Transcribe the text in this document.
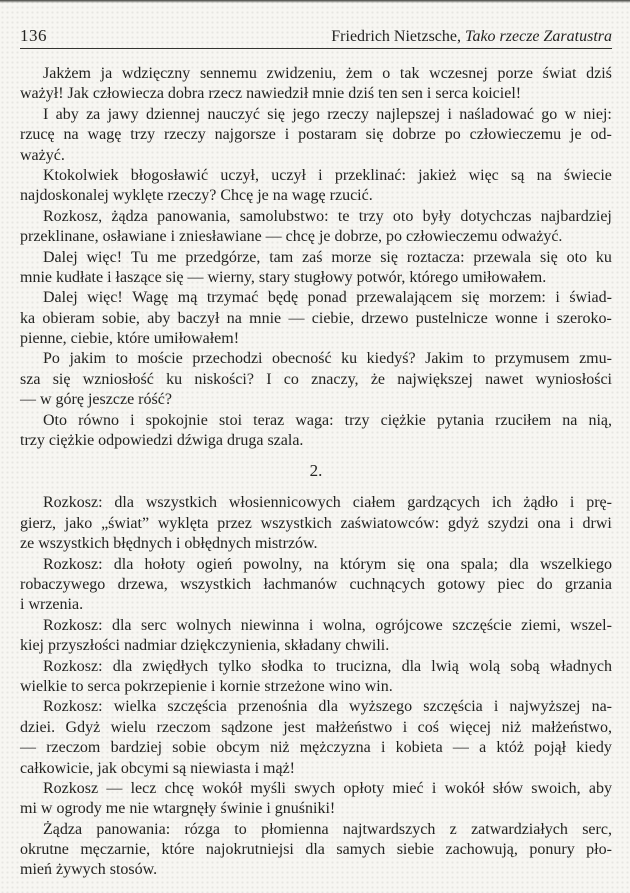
136	Friedrich Nietzsche, Tako rzecze Zaratustra
Jakżem ja wdzięczny sennemu zwidzeniu, żem o tak wczesnej porze świat dziś
ważył! Jak człowiecza dobra rzecz nawiedził mnie dziś ten sen i serca koiciel!
I aby za jawy dziennej nauczyć się jego rzeczy najlepszej i naśladować go w niej:
rzucę na wagę trzy rzeczy najgorsze i postaram się dobrze po człowieczemu je od-
ważyć.
Ktokolwiek błogosławić uczył, uczył i przeklinać: jakież więc są na świecie
najdoskonalej wyklęte rzeczy? Chcę je na wagę rzucić.
Rozkosz, żądza panowania, samolubstwo: te trzy oto były dotychczas najbardziej
przeklinane, osławiane i zniesławiane — chcę je dobrze, po człowieczemu odważyć.
Dalej więc! Tu me przedgórze, tam zaś morze się roztacza: przewala się oto ku
mnie kudłate i łaszące się — wierny, stary stugłowy potwór, którego umiłowałem.
Dalej więc! Wagę mą trzymać będę ponad przewalającem się morzem: i świad-
ka obieram sobie, aby baczył na mnie — ciebie, drzewo pustelnicze wonne i szeroko-
pienne, ciebie, które umiłowałem!
Po jakim to moście przechodzi obecność ku kiedyś? Jakim to przymusem zmu-
sza się wzniosłość ku niskości? I co znaczy, że największej nawet wyniosłości
— w górę jeszcze róść?
Oto równo i spokojnie stoi teraz waga: trzy ciężkie pytania rzuciłem na nią,
trzy ciężkie odpowiedzi dźwiga druga szala.
2.
Rozkosz: dla wszystkich włosiennicowych ciałem gardzących ich żądło i prę-
gierz, jako „świat” wyklęta przez wszystkich zaświatowców: gdyż szydzi ona i drwi
ze wszystkich błędnych i obłędnych mistrzów.
Rozkosz: dla hołoty ogień powolny, na którym się ona spala; dla wszelkiego
robaczywego drzewa, wszystkich łachmanów cuchnących gotowy piec do grzania
i wrzenia.
Rozkosz: dla serc wolnych niewinna i wolna, ogrójcowe szczęście ziemi, wszel-
kiej przyszłości nadmiar dziękczynienia, składany chwili.
Rozkosz: dla zwiędłych tylko słodka to trucizna, dla lwią wolą sobą władnych
wielkie to serca pokrzepienie i kornie strzeżone wino win.
Rozkosz: wielka szczęścia przenośnia dla wyższego szczęścia i najwyższej na-
dziei. Gdyż wielu rzeczom sądzone jest małżeństwo i coś więcej niż małżeństwo,
— rzeczom bardziej sobie obcym niż mężczyzna i kobieta — a któż pojął kiedy
całkowicie, jak obcymi są niewiasta i mąż!
Rozkosz — lecz chcę wokół myśli swych opłoty mieć i wokół słów swoich, aby
mi w ogrody me nie wtargnęły świnie i gnuśniki!
Żądza panowania: rózga to płomienna najtwardszych z zatwardziałych serc,
okrutne męczarnie, które najokrutniejsi dla samych siebie zachowują, ponury pło-
mień żywych stosów.
